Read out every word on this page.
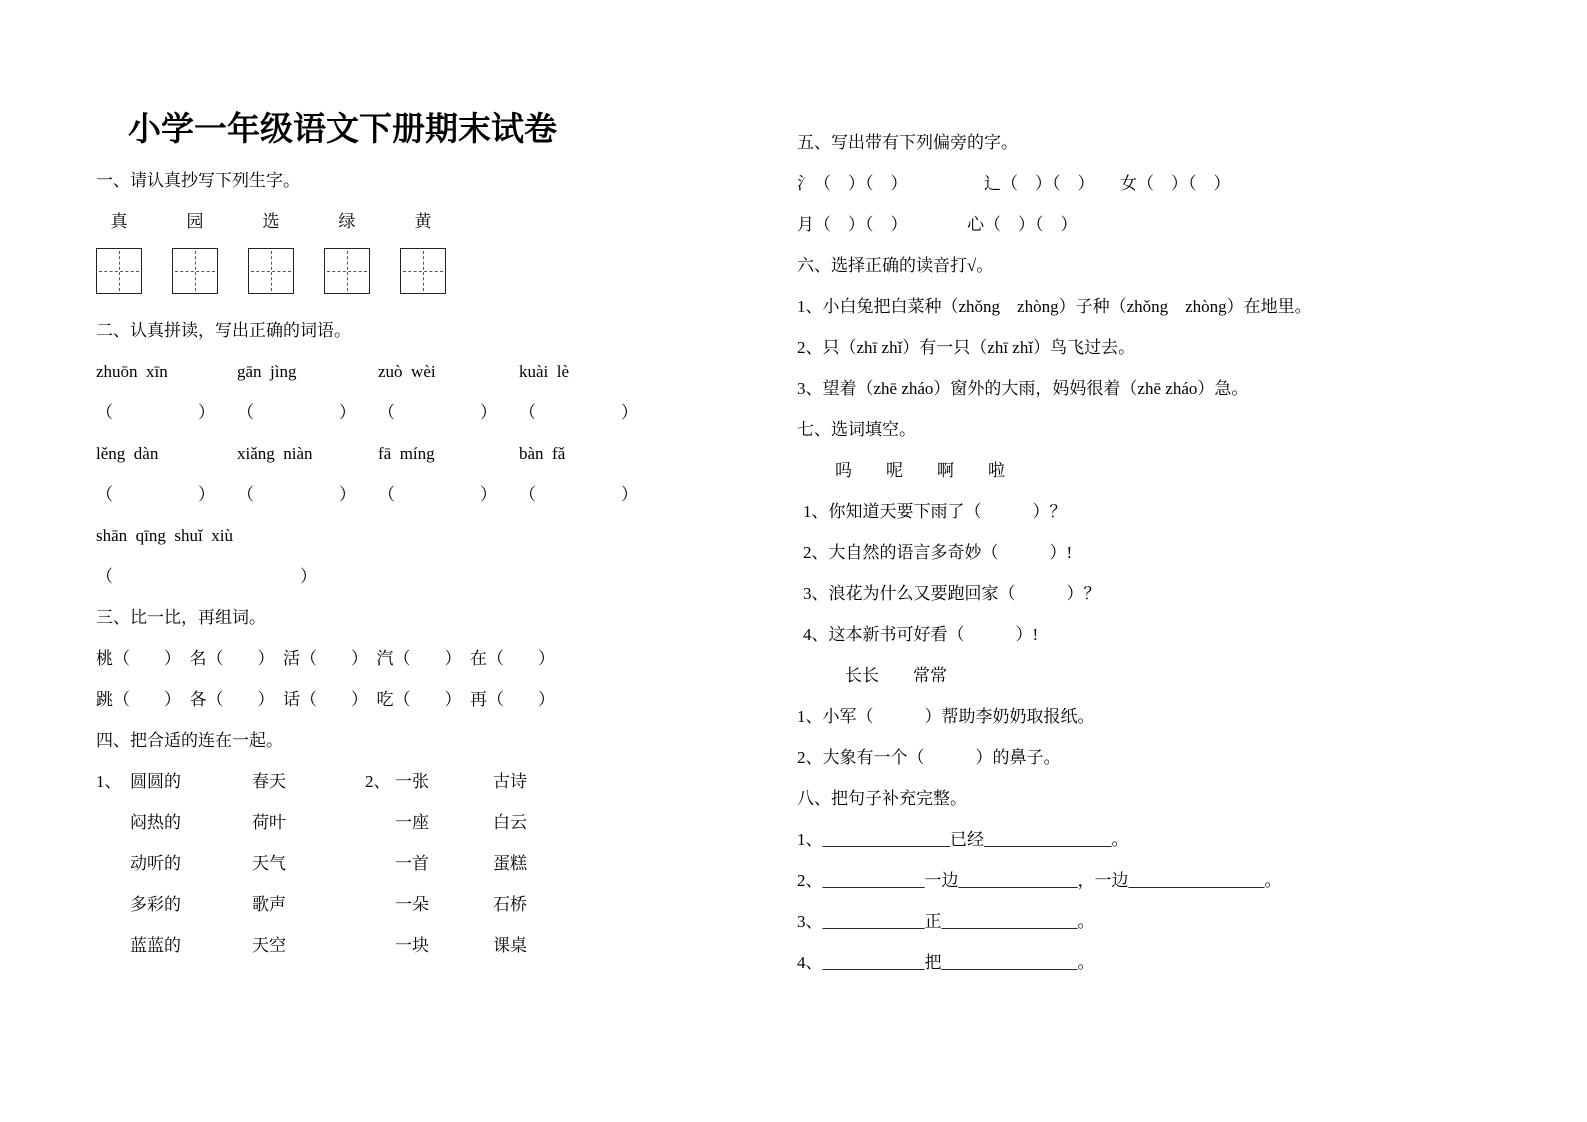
小学一年级语文下册期末试卷

一、请认真抄写下列生字。

真	园	选	绿	黄

二、认真拼读，写出正确的词语。

zhuōn  xīn	gān  jìng	zuò  wèi	kuài  lè
（　　　　　）	（　　　　　）	（　　　　　）	（　　　　　）
lěng  dàn	xiǎng  niàn	fā  míng	bàn  fǎ
（　　　　　）	（　　　　　）	（　　　　　）	（　　　　　）

shān  qīng  shuǐ  xiù

（　　　　　　　　　　　）

三、比一比，再组词。

桃（　　）　名（　　）　活（　　）　汽（　　）　在（　　）

跳（　　）　各（　　）　话（　　）　吃（　　）　再（　　）

四、把合适的连在一起。

1、 圆圆的	春天	2、 一张	古诗
闷热的	荷叶	一座	白云
动听的	天气	一首	蛋糕
多彩的	歌声	一朵	石桥
蓝蓝的	天空	一块	课桌

五、写出带有下列偏旁的字。

氵（　）（　）　　　　　辶（　）（　）　　女（　）（　）

月（　）（　）　　　　心（　）（　）

六、选择正确的读音打√。

1、小白兔把白菜种（zhǒng　zhòng）子种（zhǒng　zhòng）在地里。

2、只（zhī zhǐ）有一只（zhī zhǐ）鸟飞过去。

3、望着（zhē zháo）窗外的大雨，妈妈很着（zhē zháo）急。

七、选词填空。

吗　　呢　　啊　　啦

1、你知道天要下雨了（　　　）？

2、大自然的语言多奇妙（　　　）!

3、浪花为什么又要跑回家（　　　）？

4、这本新书可好看（　　　）!

长长　　常常

1、小军（　　　）帮助李奶奶取报纸。

2、大象有一个（　　　）的鼻子。

八、把句子补充完整。

1、_______________已经_______________。

2、____________一边______________，一边________________。

3、____________正________________。

4、____________把________________。
